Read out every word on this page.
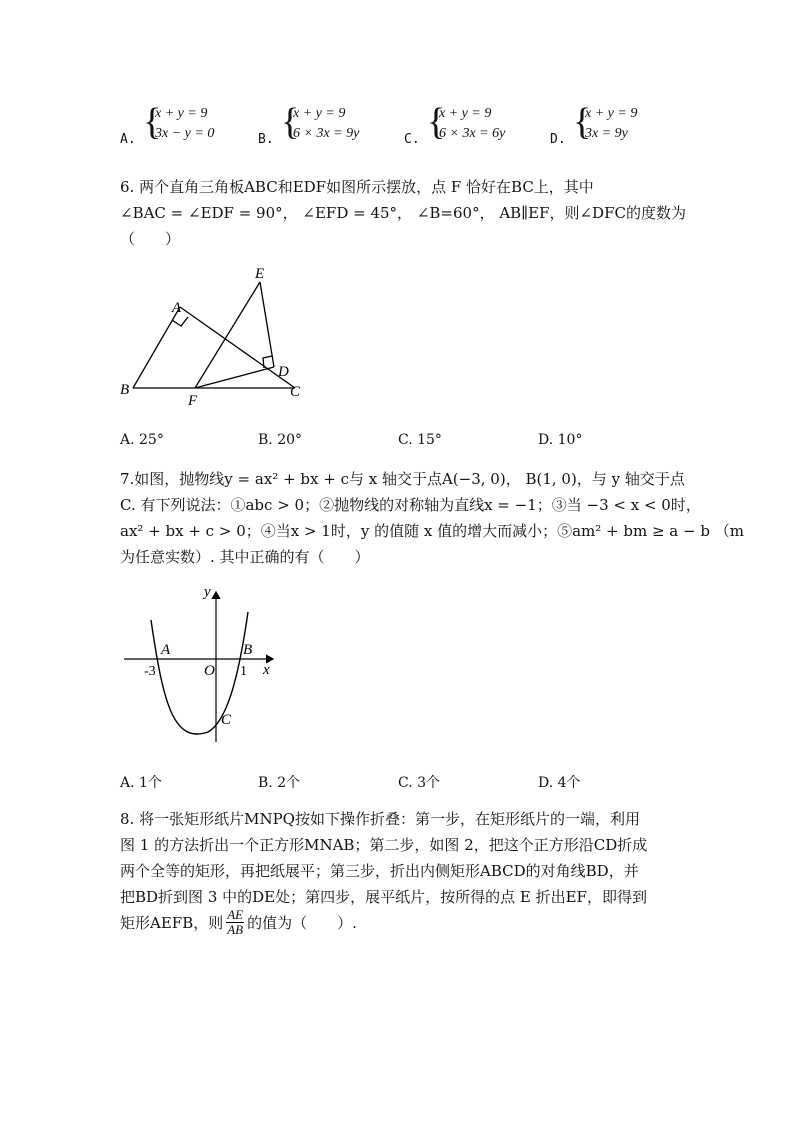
A. {
x + y = 9
3x − y = 0	B. {
x + y = 9
6 × 3x = 9y	C. {
x + y = 9
6 × 3x = 6y	D. {
x + y = 9
3x = 9y
6. 两个直角三角板ABC和EDF如图所示摆放，点 F 恰好在BC上，其中
∠BAC = ∠EDF = 90°， ∠EFD = 45°， ∠B=60°， AB∥EF，则∠DFC的度数为
（　　）
E
A
D
B
F
C
A. 25°	B. 20°	C. 15°	D. 10°
7.如图，抛物线y = ax² + bx + c与 x 轴交于点A(−3, 0)， B(1, 0)，与 y 轴交于点
C. 有下列说法：①abc > 0；②抛物线的对称轴为直线x = −1；③当 −3 < x < 0时，
ax² + bx + c > 0；④当x > 1时，y 的值随 x 值的增大而减小；⑤am² + bm ≥ a − b （m
为任意实数）. 其中正确的有（　　）
y
x
A	B
O
C
-3	1
A. 1个	B. 2个	C. 3个	D. 4个
8. 将一张矩形纸片MNPQ按如下操作折叠：第一步，在矩形纸片的一端，利用
图 1 的方法折出一个正方形MNAB；第二步，如图 2，把这个正方形沿CD折成
两个全等的矩形，再把纸展平；第三步，折出内侧矩形ABCD的对角线BD，并
把BD折到图 3 中的DE处；第四步，展平纸片，按所得的点 E 折出EF，即得到
矩形AEFB，则 $\frac{AE}{AB}$ 的值为（　　）.
